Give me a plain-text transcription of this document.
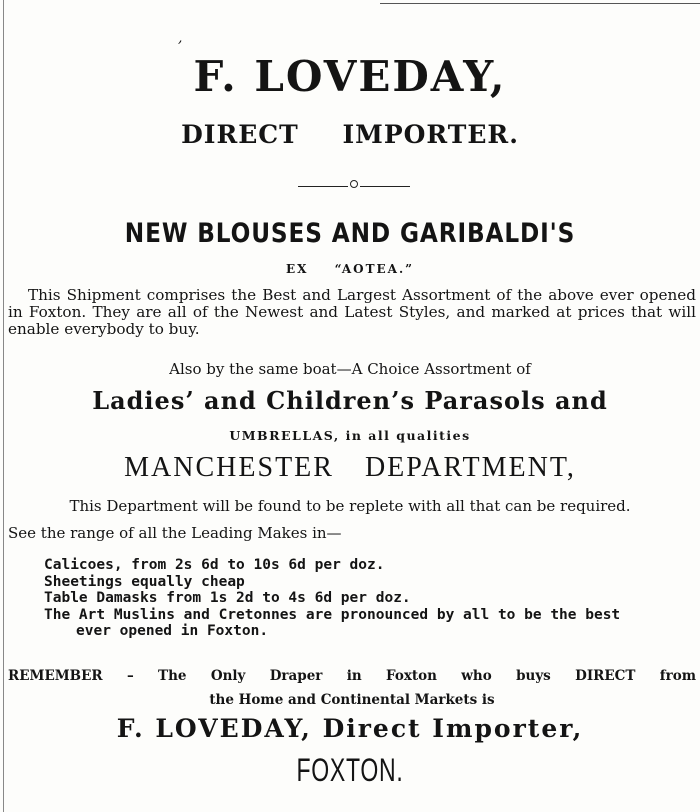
,
F. LOVEDAY,
DIRECT IMPORTER.
NEW BLOUSES AND GARIBALDI'S
EX “AOTEA.”
This Shipment comprises the Best and Largest Assortment of the above ever opened in Foxton. They are all of the Newest and Latest Styles, and marked at prices that will enable everybody to buy.
Also by the same boat—A Choice Assortment of
Ladies’ and Children’s Parasols and
UMBRELLAS, in all qualities
MANCHESTER DEPARTMENT,
This Department will be found to be replete with all that can be required.
See the range of all the Leading Makes in—
Calicoes, from 2s 6d to 10s 6d per doz.
Sheetings equally cheap
Table Damasks from 1s 2d to 4s 6d per doz.
The Art Muslins and Cretonnes are pronounced by all to be the best
ever opened in Foxton.
REMEMBER – The Only Draper in Foxton who buys DIRECT from
the Home and Continental Markets is
F. LOVEDAY, Direct Importer,
FOXTON.
